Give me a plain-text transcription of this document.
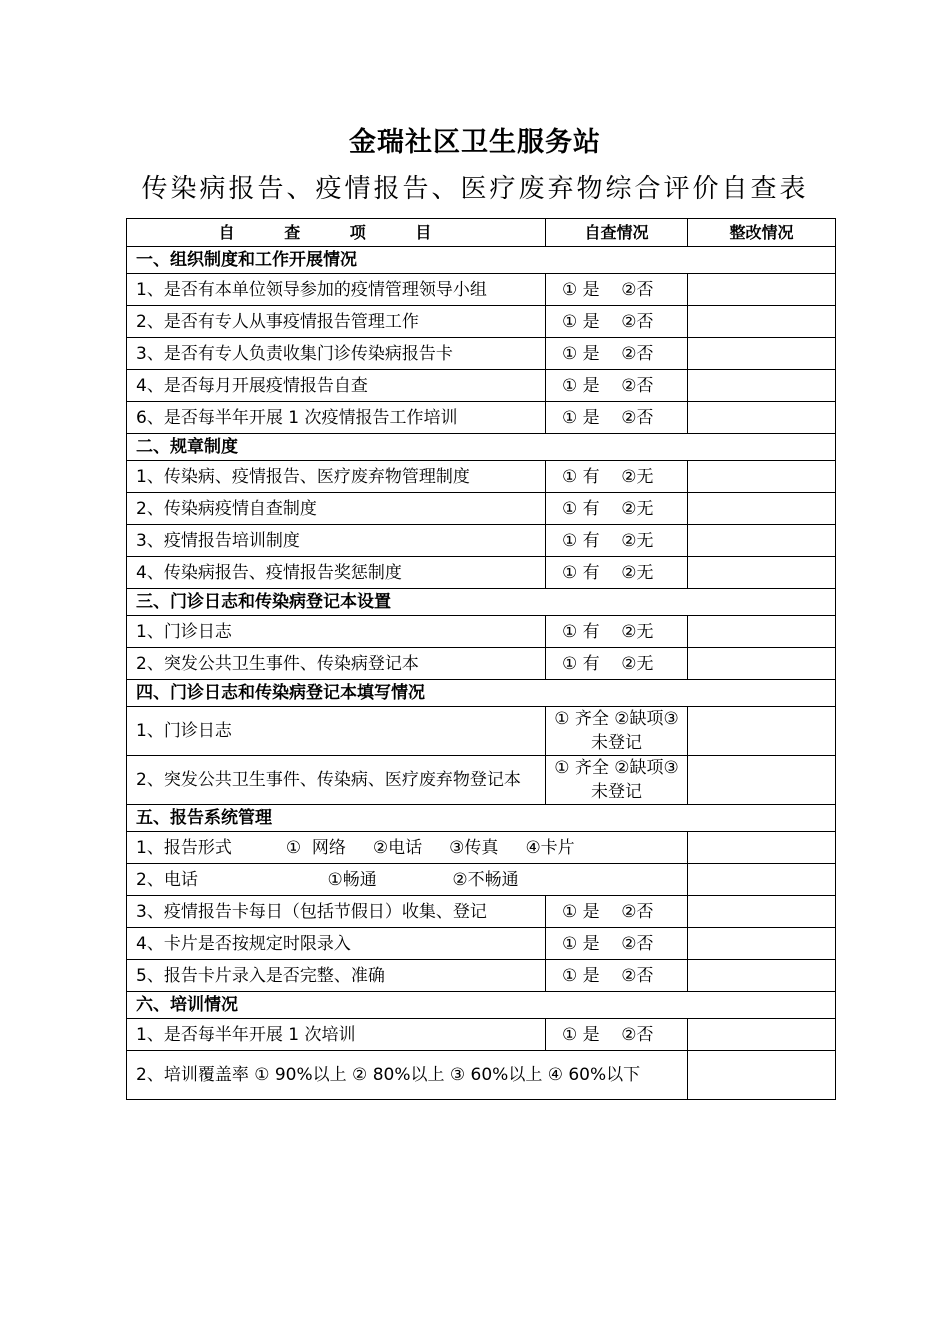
金瑞社区卫生服务站
传染病报告、疫情报告、医疗废弃物综合评价自查表
自 查 项 目	自查情况	整改情况
一、组织制度和工作开展情况		
1、是否有本单位领导参加的疫情管理领导小组	① 是    ②否	
2、是否有专人从事疫情报告管理工作	① 是    ②否	
3、是否有专人负责收集门诊传染病报告卡	① 是    ②否	
4、是否每月开展疫情报告自查	① 是    ②否	
6、是否每半年开展 1 次疫情报告工作培训	① 是    ②否	
二、规章制度		
1、传染病、疫情报告、医疗废弃物管理制度	① 有    ②无	
2、传染病疫情自查制度	① 有    ②无	
3、疫情报告培训制度	① 有    ②无	
4、传染病报告、疫情报告奖惩制度	① 有    ②无	
三、门诊日志和传染病登记本设置		
1、门诊日志	① 有    ②无	
2、突发公共卫生事件、传染病登记本	① 有    ②无	
四、门诊日志和传染病登记本填写情况		
1、门诊日志	① 齐全 ②缺项③未登记	
2、突发公共卫生事件、传染病、医疗废弃物登记本	① 齐全 ②缺项③未登记	
五、报告系统管理		
1、报告形式          ①  网络     ②电话     ③传真     ④卡片		
2、电话                        ①畅通              ②不畅通		
3、疫情报告卡每日（包括节假日）收集、登记	① 是    ②否	
4、卡片是否按规定时限录入	① 是    ②否	
5、报告卡片录入是否完整、准确	① 是    ②否	
六、培训情况		
1、是否每半年开展 1 次培训	① 是    ②否	
2、培训覆盖率 ① 90%以上 ② 80%以上 ③ 60%以上 ④ 60%以下		
